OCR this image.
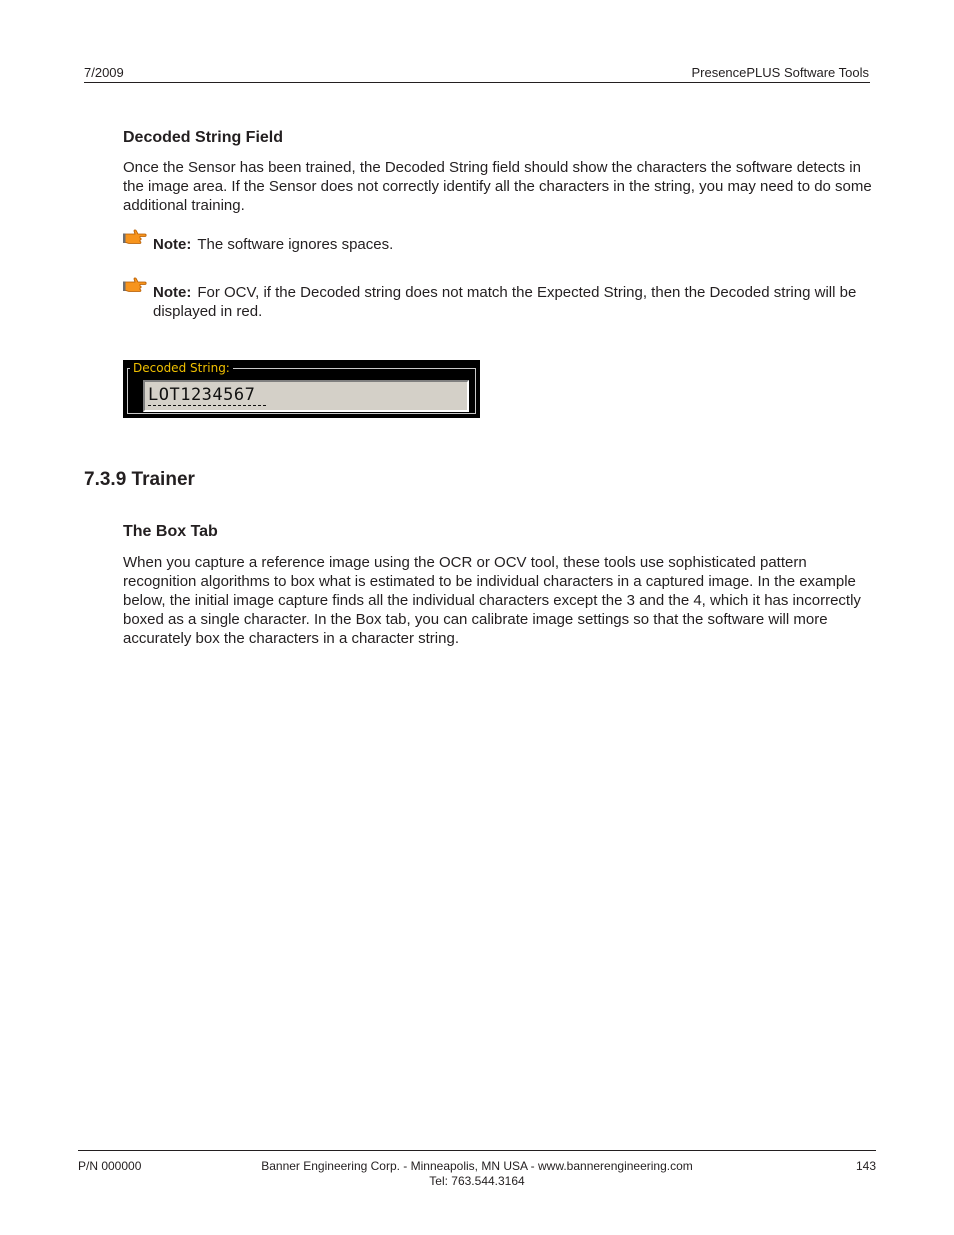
7/2009	PresencePLUS Software Tools
Decoded String Field
Once the Sensor has been trained, the Decoded String field should show the characters the software detects in the image area. If the Sensor does not correctly identify all the characters in the string, you may need to do some additional training.
Note: The software ignores spaces.
Note: For OCV, if the Decoded string does not match the Expected String, then the Decoded string will be displayed in red.
Decoded String:
LOT1234567
7.3.9 Trainer
The Box Tab
When you capture a reference image using the OCR or OCV tool, these tools use sophisticated pattern recognition algorithms to box what is estimated to be individual characters in a captured image. In the example below, the initial image capture finds all the individual characters except the 3 and the 4, which it has incorrectly boxed as a single character. In the Box tab, you can calibrate image settings so that the software will more accurately box the characters in a character string.
P/N 000000	Banner Engineering Corp. - Minneapolis, MN USA - www.bannerengineering.com
Tel: 763.544.3164
143
